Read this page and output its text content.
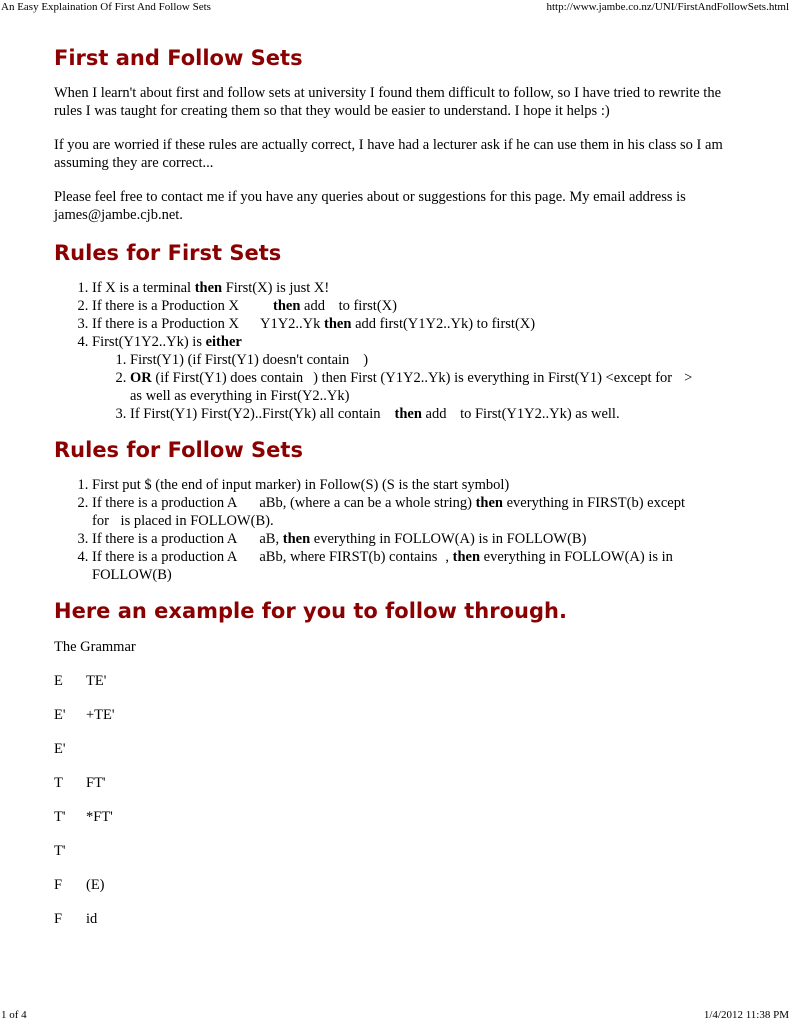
An Easy Explaination Of First And Follow Sets	http://www.jambe.co.nz/UNI/FirstAndFollowSets.html
First and Follow Sets

When I learn't about first and follow sets at university I found them difficult to follow, so I have tried to rewrite the rules I was taught for creating them so that they would be easier to understand. I hope it helps :)

If you are worried if these rules are actually correct, I have had a lecturer ask if he can use them in his class so I am assuming they are correct...

Please feel free to contact me if you have any queries about or suggestions for this page. My email address is james@jambe.cjb.net.

Rules for First Sets
1. If X is a terminal then First(X) is just X!
2. If there is a Production X then add to first(X)
3. If there is a Production X Y1Y2..Yk then add first(Y1Y2..Yk) to first(X)
4. First(Y1Y2..Yk) is either
1. First(Y1) (if First(Y1) doesn't contain )
2. OR (if First(Y1) does contain ) then First (Y1Y2..Yk) is everything in First(Y1) <except for >
as well as everything in First(Y2..Yk)
3. If First(Y1) First(Y2)..First(Yk) all contain then add to First(Y1Y2..Yk) as well.
Rules for Follow Sets
1. First put $ (the end of input marker) in Follow(S) (S is the start symbol)
2. If there is a production A aBb, (where a can be a whole string) then everything in FIRST(b) except
for is placed in FOLLOW(B).
3. If there is a production A aB, then everything in FOLLOW(A) is in FOLLOW(B)
4. If there is a production A aBb, where FIRST(b) contains , then everything in FOLLOW(A) is in
FOLLOW(B)
Here an example for you to follow through.

The Grammar

E TE'
E' +TE'
E'
T FT'
T' *FT'
T'
F (E)
F id
1 of 4	1/4/2012 11:38 PM
